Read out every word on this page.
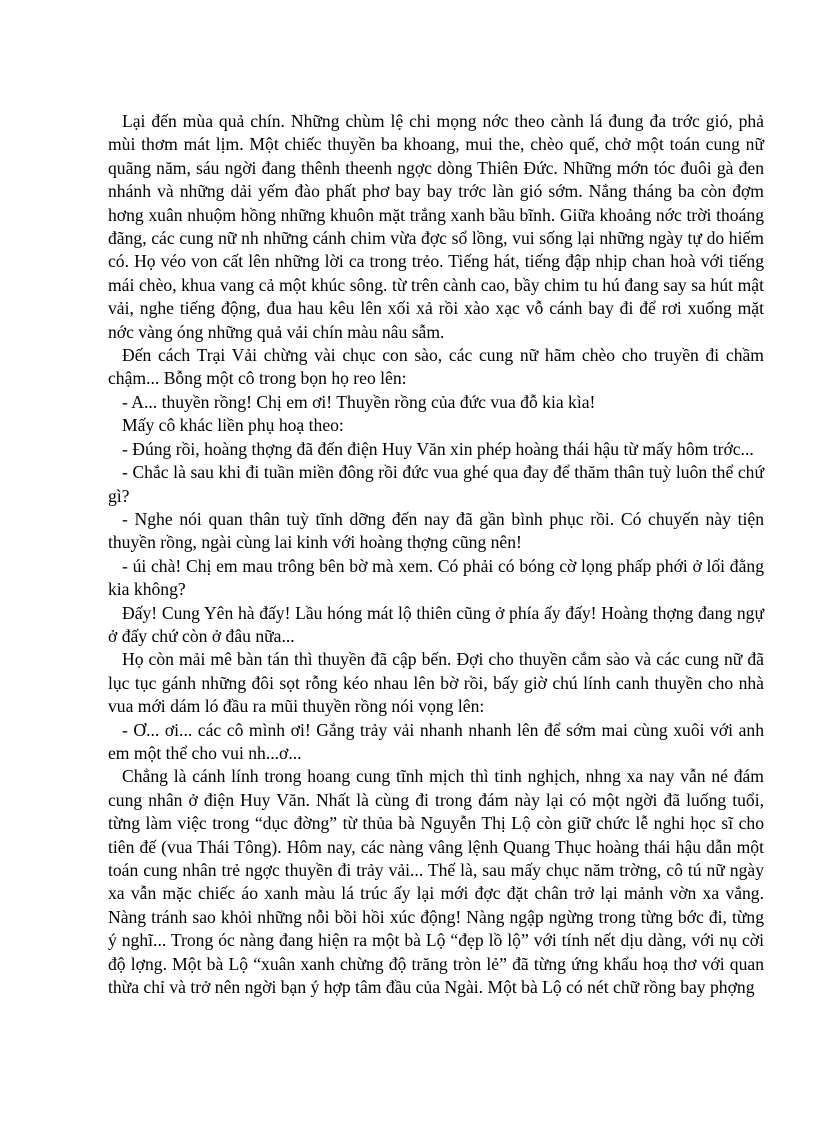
Lại đến mùa quả chín. Những chùm lệ chi mọng nớc theo cành lá đung đa trớc gió, phả mùi thơm mát lịm. Một chiếc thuyền ba khoang, mui the, chèo quế, chở một toán cung nữ quãng năm, sáu ngời đang thênh theenh ngợc dòng Thiên Đức. Những mớn tóc đuôi gà đen nhánh và những dải yếm đào phất phơ bay bay trớc làn gió sớm. Nắng tháng ba còn đợm hơng xuân nhuộm hồng những khuôn mặt trắng xanh bầu bĩnh. Giữa khoảng nớc trời thoáng đãng, các cung nữ nh những cánh chim vừa đợc sổ lồng, vui sống lại những ngày tự do hiếm có. Họ véo von cất lên những lời ca trong trẻo. Tiếng hát, tiếng đập nhịp chan hoà với tiếng mái chèo, khua vang cả một khúc sông. từ trên cành cao, bầy chim tu hú đang say sa hút mật vải, nghe tiếng động, đua hau kêu lên xối xả rồi xào xạc vỗ cánh bay đi để rơi xuống mặt nớc vàng óng những quả vải chín màu nâu sẫm.

Đến cách Trại Vải chừng vài chục con sào, các cung nữ hãm chèo cho truyền đi chầm chậm... Bỗng một cô trong bọn họ reo lên:

- A... thuyền rồng! Chị em ơi! Thuyền rồng của đức vua đỗ kia kìa!

Mấy cô khác liền phụ hoạ theo:

- Đúng rồi, hoàng thợng đã đến điện Huy Văn xin phép hoàng thái hậu từ mấy hôm trớc...

- Chắc là sau khi đi tuần miền đông rồi đức vua ghé qua đay để thăm thân tuỳ luôn thể chứ gì?

- Nghe nói quan thân tuỳ tĩnh dỡng đến nay đã gần bình phục rồi. Có chuyến này tiện thuyền rồng, ngài cùng lai kinh với hoàng thợng cũng nên!

- úi chà! Chị em mau trông bên bờ mà xem. Có phải có bóng cờ lọng phấp phới ở lối đằng kia không?

Đấy! Cung Yên hà đấy! Lầu hóng mát lộ thiên cũng ở phía ấy đấy! Hoàng thợng đang ngự ở đấy chứ còn ở đâu nữa...

Họ còn mải mê bàn tán thì thuyền đã cập bến. Đợi cho thuyền cắm sào và các cung nữ đã lục tục gánh những đôi sọt rỗng kéo nhau lên bờ rồi, bấy giờ chú lính canh thuyền cho nhà vua mới dám ló đầu ra mũi thuyền rồng nói vọng lên:

- Ơ... ơi... các cô mình ơi! Gắng trảy vải nhanh nhanh lên để sớm mai cùng xuôi với anh em một thể cho vui nh...ơ...

Chẳng là cánh lính trong hoang cung tĩnh mịch thì tinh nghịch, nhng xa nay vẫn né đám cung nhân ở điện Huy Văn. Nhất là cùng đi trong đám này lại có một ngời đã luống tuổi, từng làm việc trong “dục đờng” từ thủa bà Nguyễn Thị Lộ còn giữ chức lễ nghi học sĩ cho tiên đế (vua Thái Tông). Hôm nay, các nàng vâng lệnh Quang Thục hoàng thái hậu dẫn một toán cung nhân trẻ ngợc thuyền đi trảy vải... Thế là, sau mấy chục năm trờng, cô tú nữ ngày xa vẫn mặc chiếc áo xanh màu lá trúc ấy lại mới đợc đặt chân trở lại mảnh vờn xa vắng. Nàng tránh sao khỏi những nỗi bồi hồi xúc động! Nàng ngập ngừng trong từng bớc đi, từng ý nghĩ... Trong óc nàng đang hiện ra một bà Lộ “đẹp lồ lộ” với tính nết dịu dàng, với nụ cời độ lợng. Một bà Lộ “xuân xanh chừng độ trăng tròn lẻ” đã từng ứng khẩu hoạ thơ với quan thừa chỉ và trở nên ngời bạn ý hợp tâm đầu của Ngài. Một bà Lộ có nét chữ rồng bay phợng
